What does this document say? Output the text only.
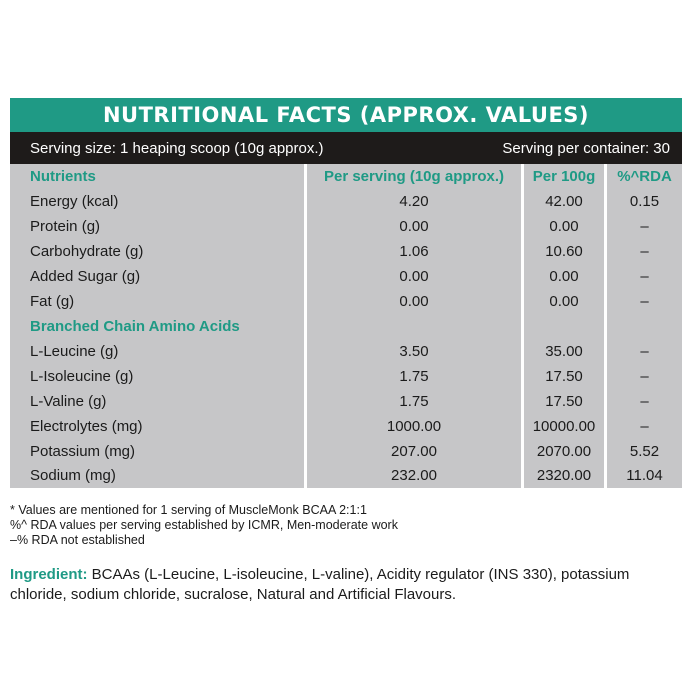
NUTRITIONAL FACTS (APPROX. VALUES)
Serving size: 1 heaping scoop (10g approx.)	Serving per container: 30
Nutrients	Per serving (10g approx.)	Per 100g	%^RDA
Energy (kcal)	4.20	42.00	0.15
Protein (g)	0.00	0.00	–
Carbohydrate (g)	1.06	10.60	–
Added Sugar (g)	0.00	0.00	–
Fat (g)	0.00	0.00	–
Branched Chain Amino Acids
L-Leucine (g)	3.50	35.00	–
L-Isoleucine (g)	1.75	17.50	–
L-Valine (g)	1.75	17.50	–
Electrolytes (mg)	1000.00	10000.00	–
Potassium (mg)	207.00	2070.00	5.52
Sodium (mg)	232.00	2320.00	11.04
* Values are mentioned for 1 serving of MuscleMonk BCAA 2:1:1
%^ RDA values per serving established by ICMR, Men-moderate work
–% RDA not established
Ingredient: BCAAs (L-Leucine, L-isoleucine, L-valine), Acidity regulator (INS 330), potassium chloride, sodium chloride, sucralose, Natural and Artificial Flavours.
